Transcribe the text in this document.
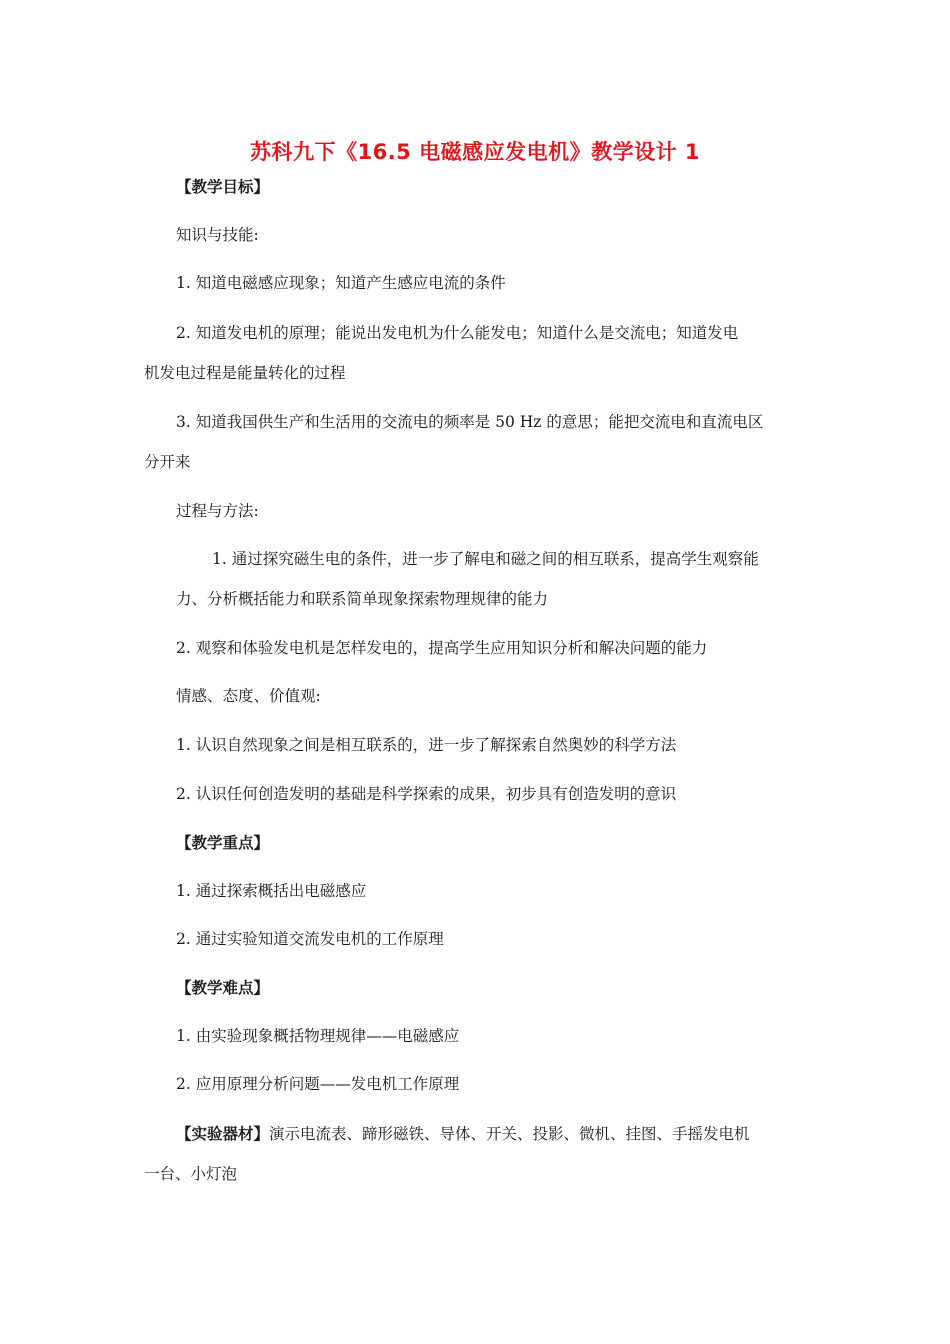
苏科九下《16.5 电磁感应发电机》教学设计 1
【教学目标】
知识与技能:
1. 知道电磁感应现象；知道产生感应电流的条件
2. 知道发电机的原理；能说出发电机为什么能发电；知道什么是交流电；知道发电
机发电过程是能量转化的过程
3. 知道我国供生产和生活用的交流电的频率是 50 Hz 的意思；能把交流电和直流电区
分开来
过程与方法:
1. 通过探究磁生电的条件，进一步了解电和磁之间的相互联系，提高学生观察能
力、分析概括能力和联系简单现象探索物理规律的能力
2. 观察和体验发电机是怎样发电的，提高学生应用知识分析和解决问题的能力
情感、态度、价值观:
1. 认识自然现象之间是相互联系的，进一步了解探索自然奥妙的科学方法
2. 认识任何创造发明的基础是科学探索的成果，初步具有创造发明的意识
【教学重点】
1. 通过探索概括出电磁感应
2. 通过实验知道交流发电机的工作原理
【教学难点】
1. 由实验现象概括物理规律——电磁感应
2. 应用原理分析问题——发电机工作原理
【实验器材】演示电流表、蹄形磁铁、导体、开关、投影、微机、挂图、手摇发电机
一台、小灯泡
